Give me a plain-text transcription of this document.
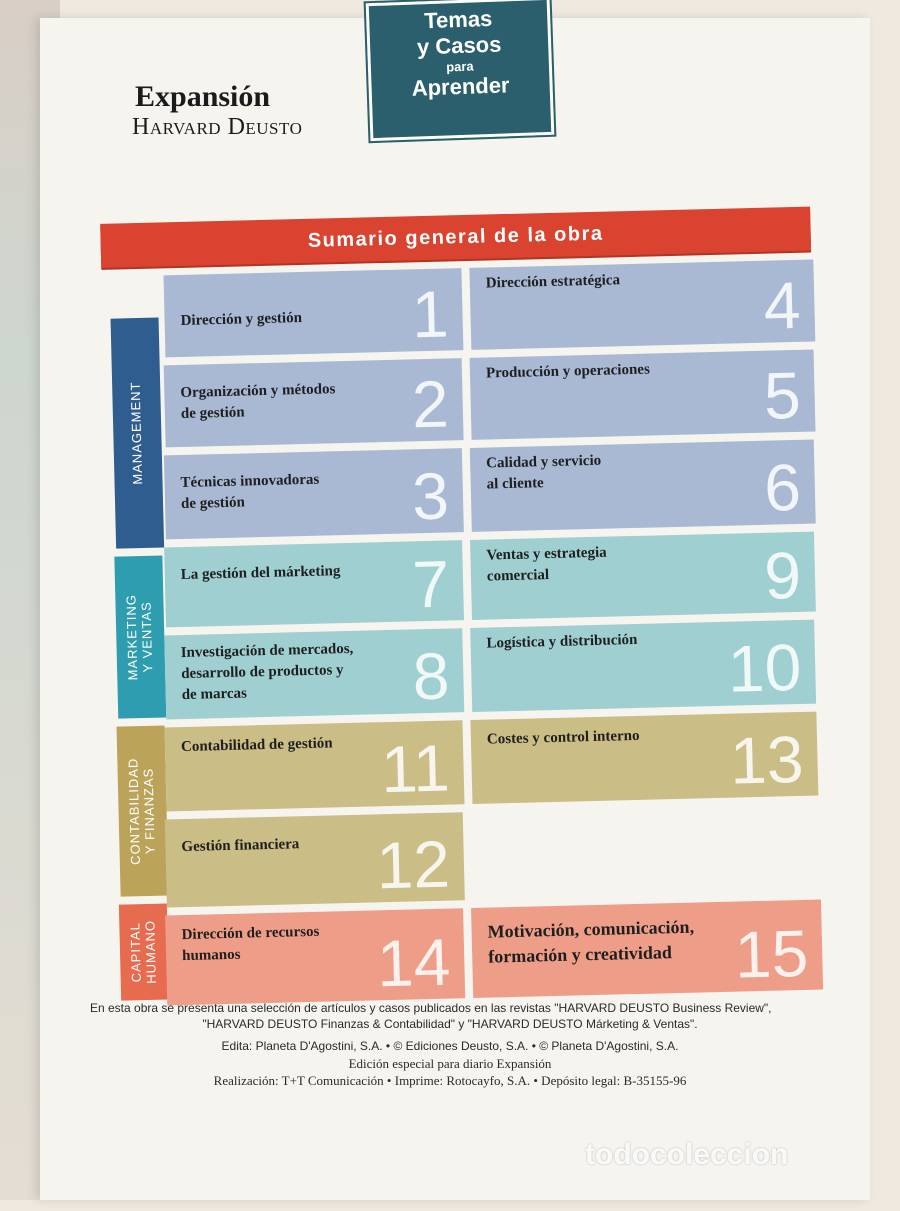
Expansión
Harvard Deusto
Temas
y Casos
para
Aprender
Sumario general de la obra
MANAGEMENT
MARKETING
Y VENTAS
CONTABILIDAD
Y FINANZAS
CAPITAL
HUMANO
Dirección y gestión	1
Organización y métodos
de gestión	2
Técnicas innovadoras
de gestión	3
La gestión del márketing	7
Investigación de mercados,
desarrollo de productos y
de marcas	8
Contabilidad de gestión 11
Gestión financiera	12
Dirección de recursos
humanos	14
Dirección estratégica	4
Producción y operaciones	5
Calidad y servicio
al cliente	6
Ventas y estrategia
comercial	9
Logística y distribución	10
Costes y control interno	13
Motivación, comunicación,
formación y creatividad 15
En esta obra se presenta una selección de artículos y casos publicados en las revistas "HARVARD DEUSTO Business Review",
"HARVARD DEUSTO Finanzas & Contabilidad" y "HARVARD DEUSTO Márketing & Ventas".
Edita: Planeta D'Agostini, S.A. • © Ediciones Deusto, S.A. • © Planeta D'Agostini, S.A.
Edición especial para diario Expansión
Realización: T+T Comunicación • Imprime: Rotocayfo, S.A. • Depósito legal: B-35155-96
todocoleccion
